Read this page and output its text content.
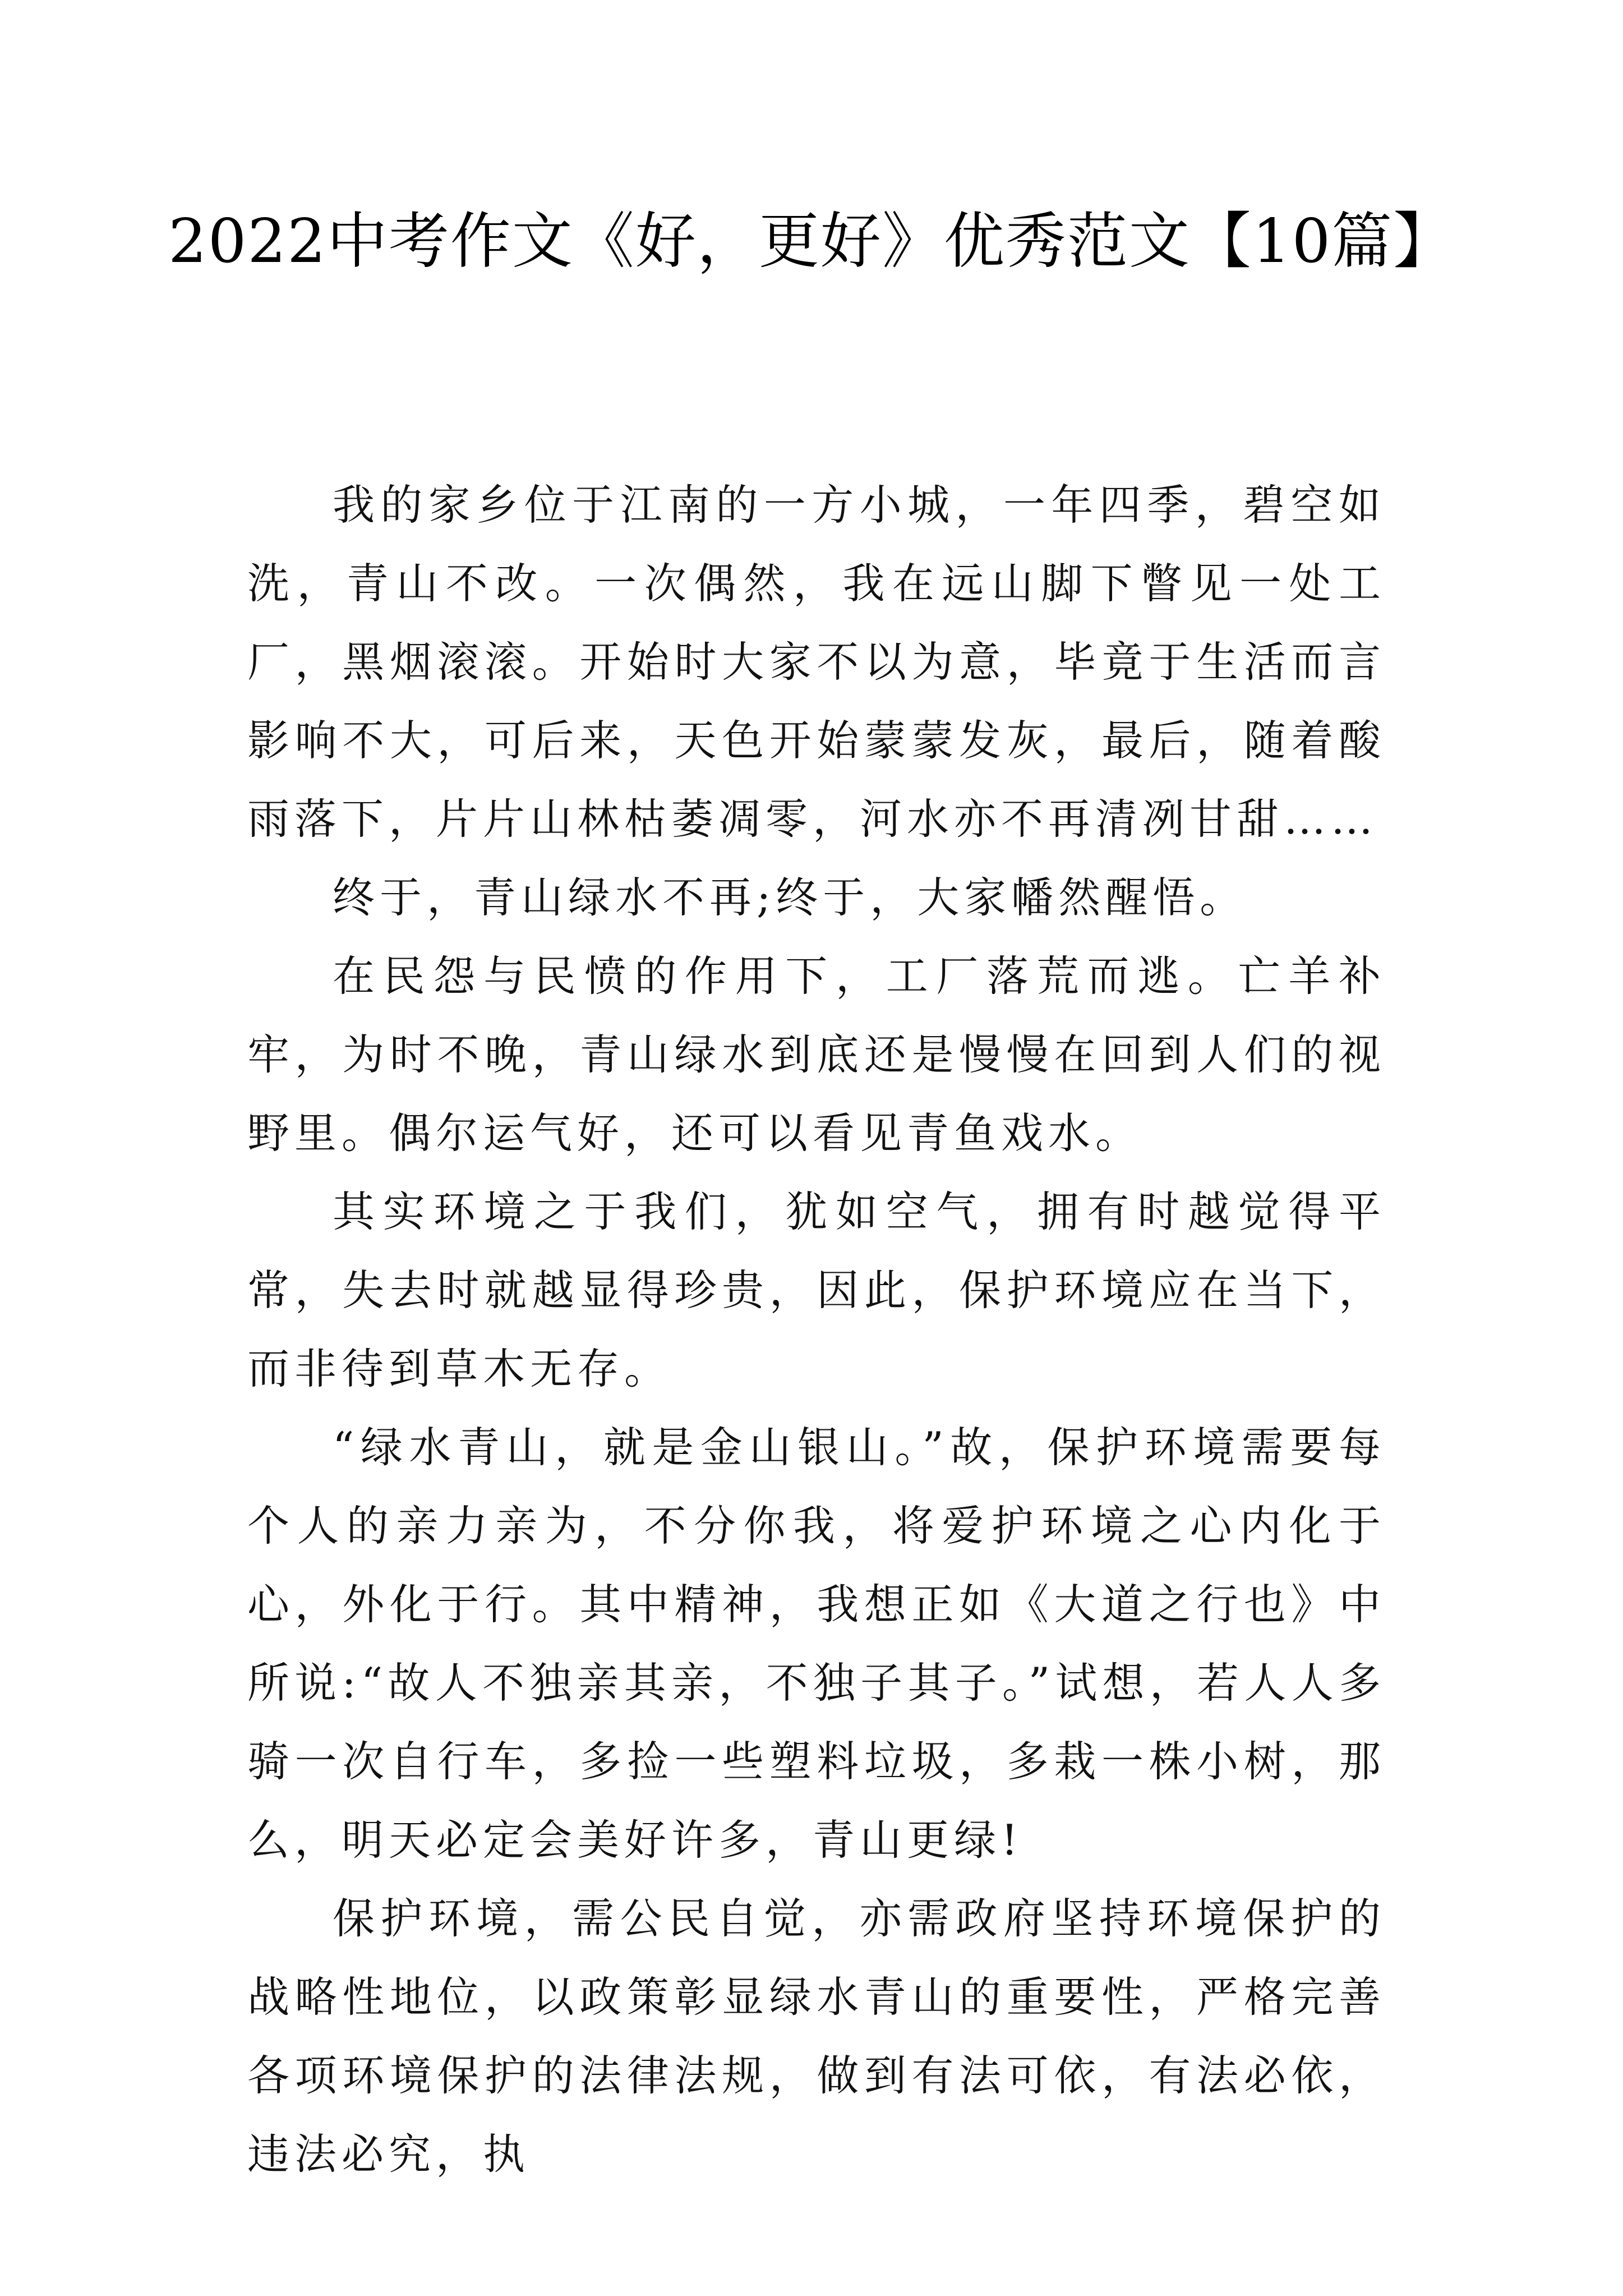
2022中考作文《好，更好》优秀范文【10篇】

我的家乡位于江南的一方小城，一年四季，碧空如洗，青山不改。一次偶然，我在远山脚下瞥见一处工厂，黑烟滚滚。开始时大家不以为意，毕竟于生活而言影响不大，可后来，天色开始蒙蒙发灰，最后，随着酸雨落下，片片山林枯萎凋零，河水亦不再清冽甘甜……

终于，青山绿水不再;终于，大家幡然醒悟。

在民怨与民愤的作用下，工厂落荒而逃。亡羊补牢，为时不晚，青山绿水到底还是慢慢在回到人们的视野里。偶尔运气好，还可以看见青鱼戏水。

其实环境之于我们，犹如空气，拥有时越觉得平常，失去时就越显得珍贵，因此，保护环境应在当下，而非待到草木无存。

“绿水青山，就是金山银山。”故，保护环境需要每个人的亲力亲为，不分你我，将爱护环境之心内化于心，外化于行。其中精神，我想正如《大道之行也》中所说:“故人不独亲其亲，不独子其子。”试想，若人人多骑一次自行车，多捡一些塑料垃圾，多栽一株小树，那么，明天必定会美好许多，青山更绿!

保护环境，需公民自觉，亦需政府坚持环境保护的战略性地位，以政策彰显绿水青山的重要性，严格完善各项环境保护的法律法规，做到有法可依，有法必依，违法必究，执
